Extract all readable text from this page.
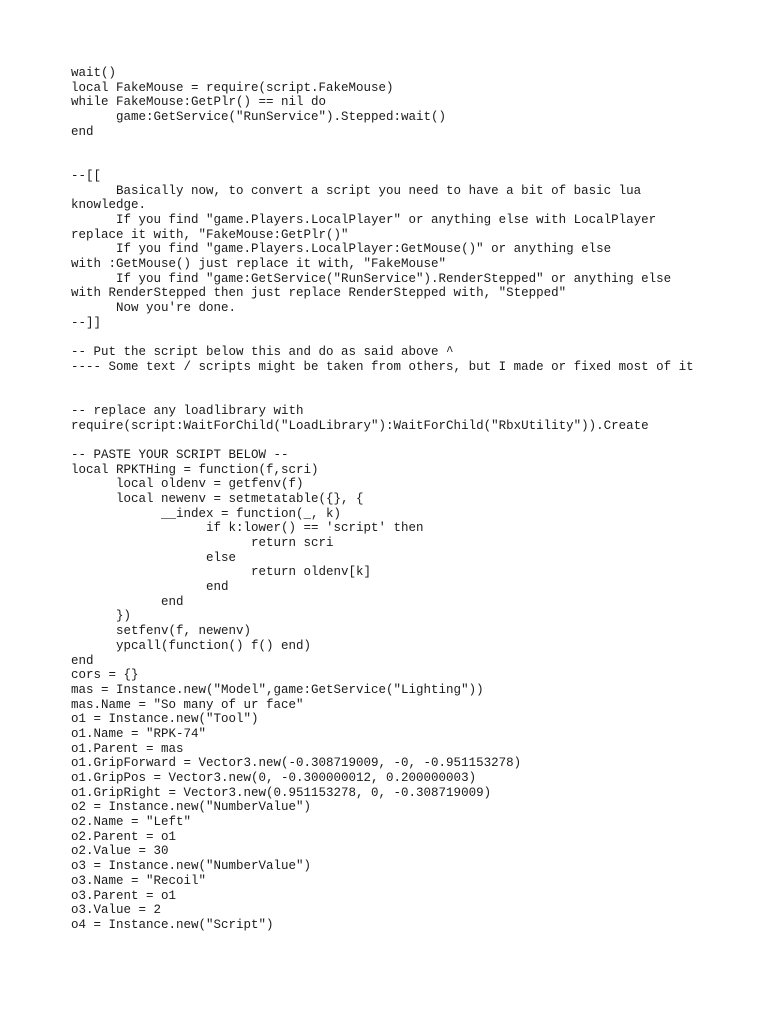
wait()
local FakeMouse = require(script.FakeMouse)
while FakeMouse:GetPlr() == nil do
game:GetService("RunService").Stepped:wait()
end
--[[
Basically now, to convert a script you need to have a bit of basic lua
knowledge.
If you find "game.Players.LocalPlayer" or anything else with LocalPlayer
replace it with, "FakeMouse:GetPlr()"
If you find "game.Players.LocalPlayer:GetMouse()" or anything else
with :GetMouse() just replace it with, "FakeMouse"
If you find "game:GetService("RunService").RenderStepped" or anything else
with RenderStepped then just replace RenderStepped with, "Stepped"
Now you're done.
--]]
-- Put the script below this and do as said above ^
---- Some text / scripts might be taken from others, but I made or fixed most of it
-- replace any loadlibrary with
require(script:WaitForChild("LoadLibrary"):WaitForChild("RbxUtility")).Create
-- PASTE YOUR SCRIPT BELOW --
local RPKTHing = function(f,scri)
local oldenv = getfenv(f)
local newenv = setmetatable({}, {
__index = function(_, k)
if k:lower() == 'script' then
return scri
else
return oldenv[k]
end
end
})
setfenv(f, newenv)
ypcall(function() f() end)
end
cors = {}
mas = Instance.new("Model",game:GetService("Lighting"))
mas.Name = "So many of ur face"
o1 = Instance.new("Tool")
o1.Name = "RPK-74"
o1.Parent = mas
o1.GripForward = Vector3.new(-0.308719009, -0, -0.951153278)
o1.GripPos = Vector3.new(0, -0.300000012, 0.200000003)
o1.GripRight = Vector3.new(0.951153278, 0, -0.308719009)
o2 = Instance.new("NumberValue")
o2.Name = "Left"
o2.Parent = o1
o2.Value = 30
o3 = Instance.new("NumberValue")
o3.Name = "Recoil"
o3.Parent = o1
o3.Value = 2
o4 = Instance.new("Script")
